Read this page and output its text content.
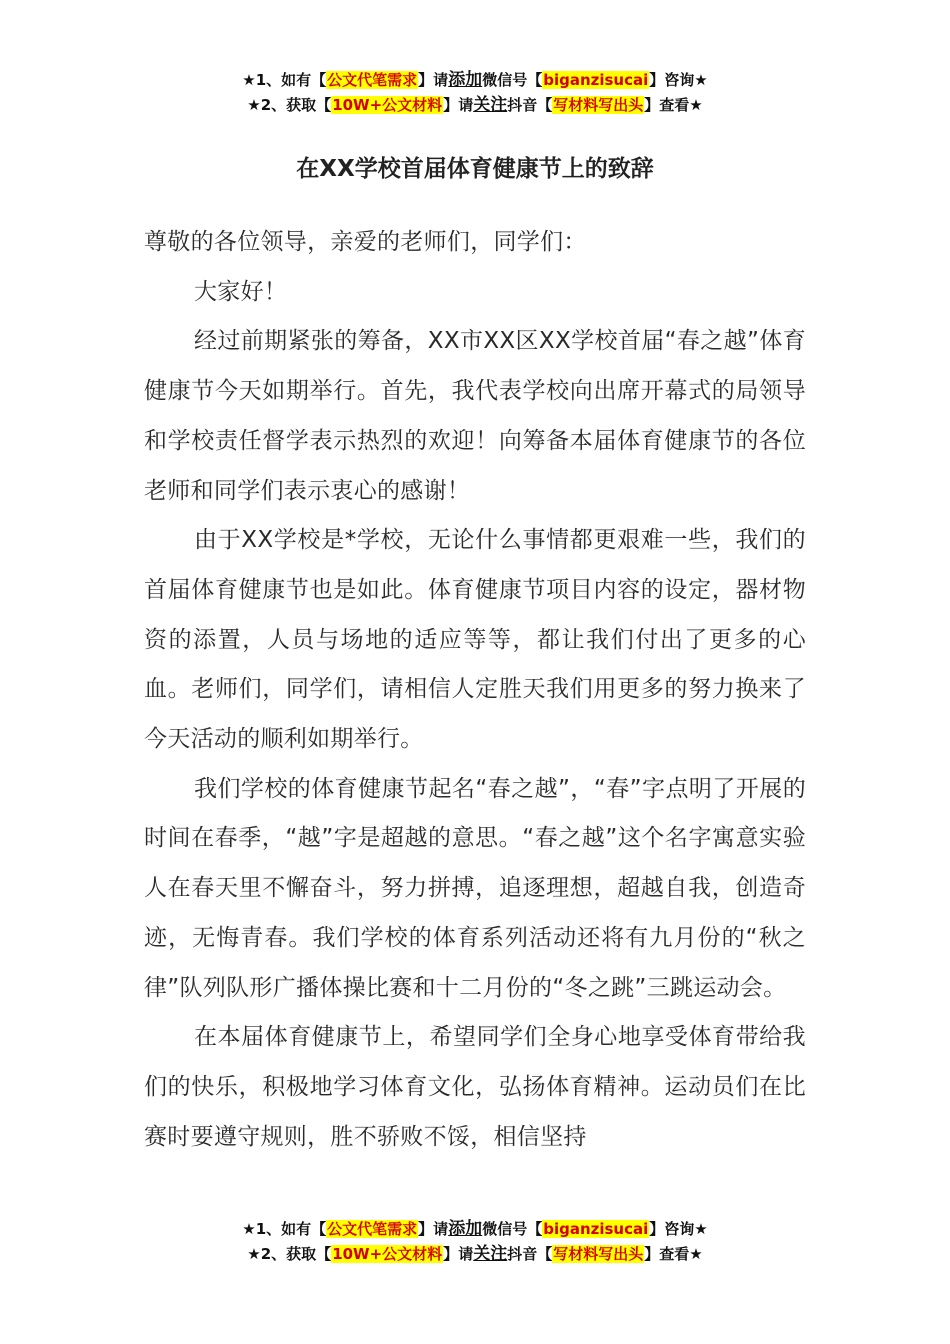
★1、如有【公文代笔需求】请添加微信号【biganzisucai】咨询★
★2、获取【10W+公文材料】请关注抖音【写材料写出头】查看★
在XX学校首届体育健康节上的致辞

尊敬的各位领导，亲爱的老师们，同学们：

大家好！

经过前期紧张的筹备，XX市XX区XX学校首届“春之越”体育健康节今天如期举行。首先，我代表学校向出席开幕式的局领导和学校责任督学表示热烈的欢迎！向筹备本届体育健康节的各位老师和同学们表示衷心的感谢！

由于XX学校是*学校，无论什么事情都更艰难一些，我们的首届体育健康节也是如此。体育健康节项目内容的设定，器材物资的添置，人员与场地的适应等等，都让我们付出了更多的心血。老师们，同学们，请相信人定胜天我们用更多的努力换来了今天活动的顺利如期举行。

我们学校的体育健康节起名“春之越”，“春”字点明了开展的时间在春季，“越”字是超越的意思。“春之越”这个名字寓意实验人在春天里不懈奋斗，努力拼搏，追逐理想，超越自我，创造奇迹，无悔青春。我们学校的体育系列活动还将有九月份的“秋之律”队列队形广播体操比赛和十二月份的“冬之跳”三跳运动会。

在本届体育健康节上，希望同学们全身心地享受体育带给我们的快乐，积极地学习体育文化，弘扬体育精神。运动员们在比赛时要遵守规则，胜不骄败不馁，相信坚持

★1、如有【公文代笔需求】请添加微信号【biganzisucai】咨询★
★2、获取【10W+公文材料】请关注抖音【写材料写出头】查看★
